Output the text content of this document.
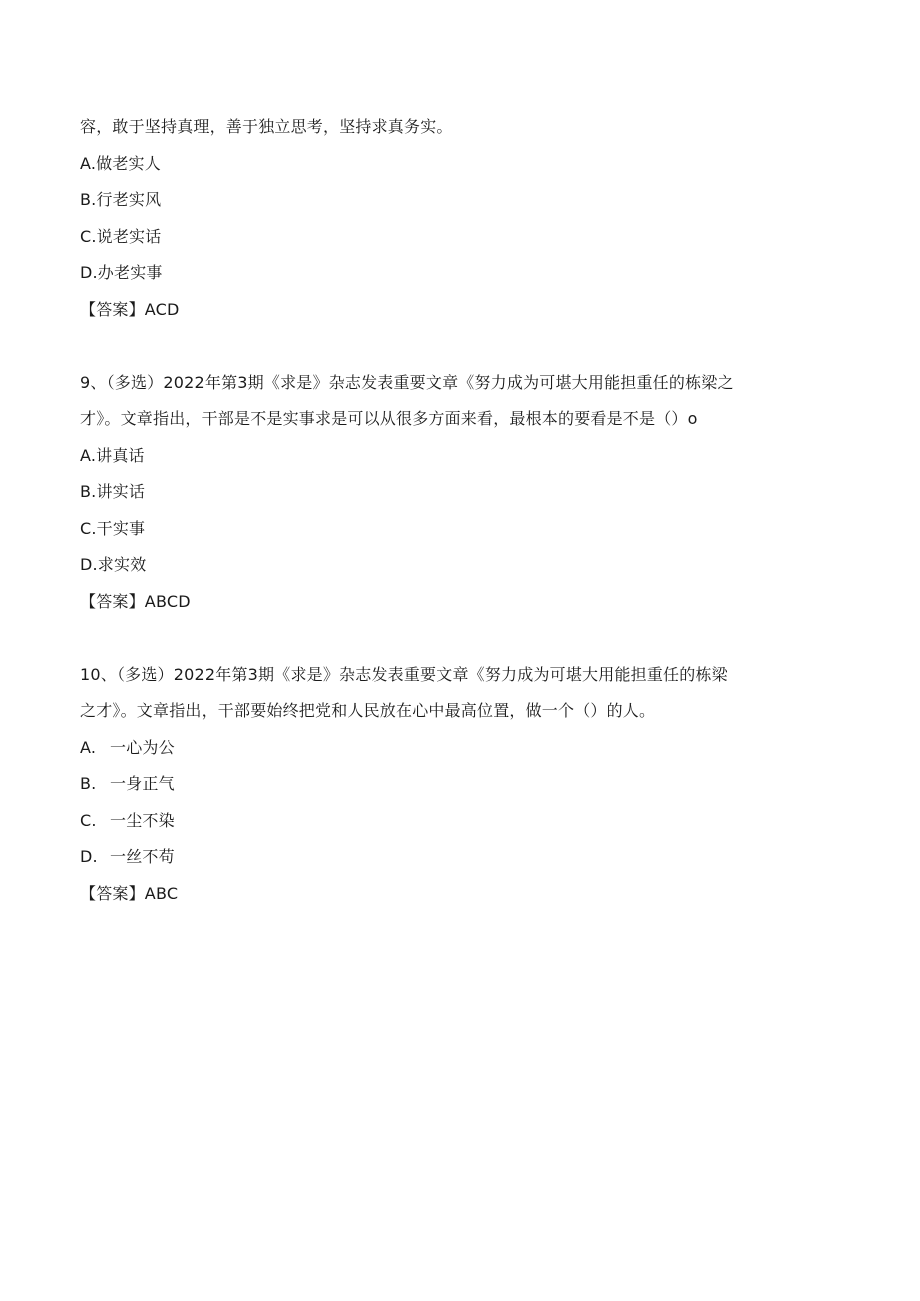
容，敢于坚持真理，善于独立思考，坚持求真务实。
A.做老实人
B.行老实风
C.说老实话
D.办老实事
【答案】ACD
9、（多选）2022年第3期《求是》杂志发表重要文章《努力成为可堪大用能担重任的栋梁之
才》。文章指出，干部是不是实事求是可以从很多方面来看，最根本的要看是不是（）o
A.讲真话
B.讲实话
C.干实事
D.求实效
【答案】ABCD
10、（多选）2022年第3期《求是》杂志发表重要文章《努力成为可堪大用能担重任的栋梁
之才》。文章指出，干部要始终把党和人民放在心中最高位置，做一个（）的人。
A. 一心为公
B. 一身正气
C. 一尘不染
D. 一丝不苟
【答案】ABC
